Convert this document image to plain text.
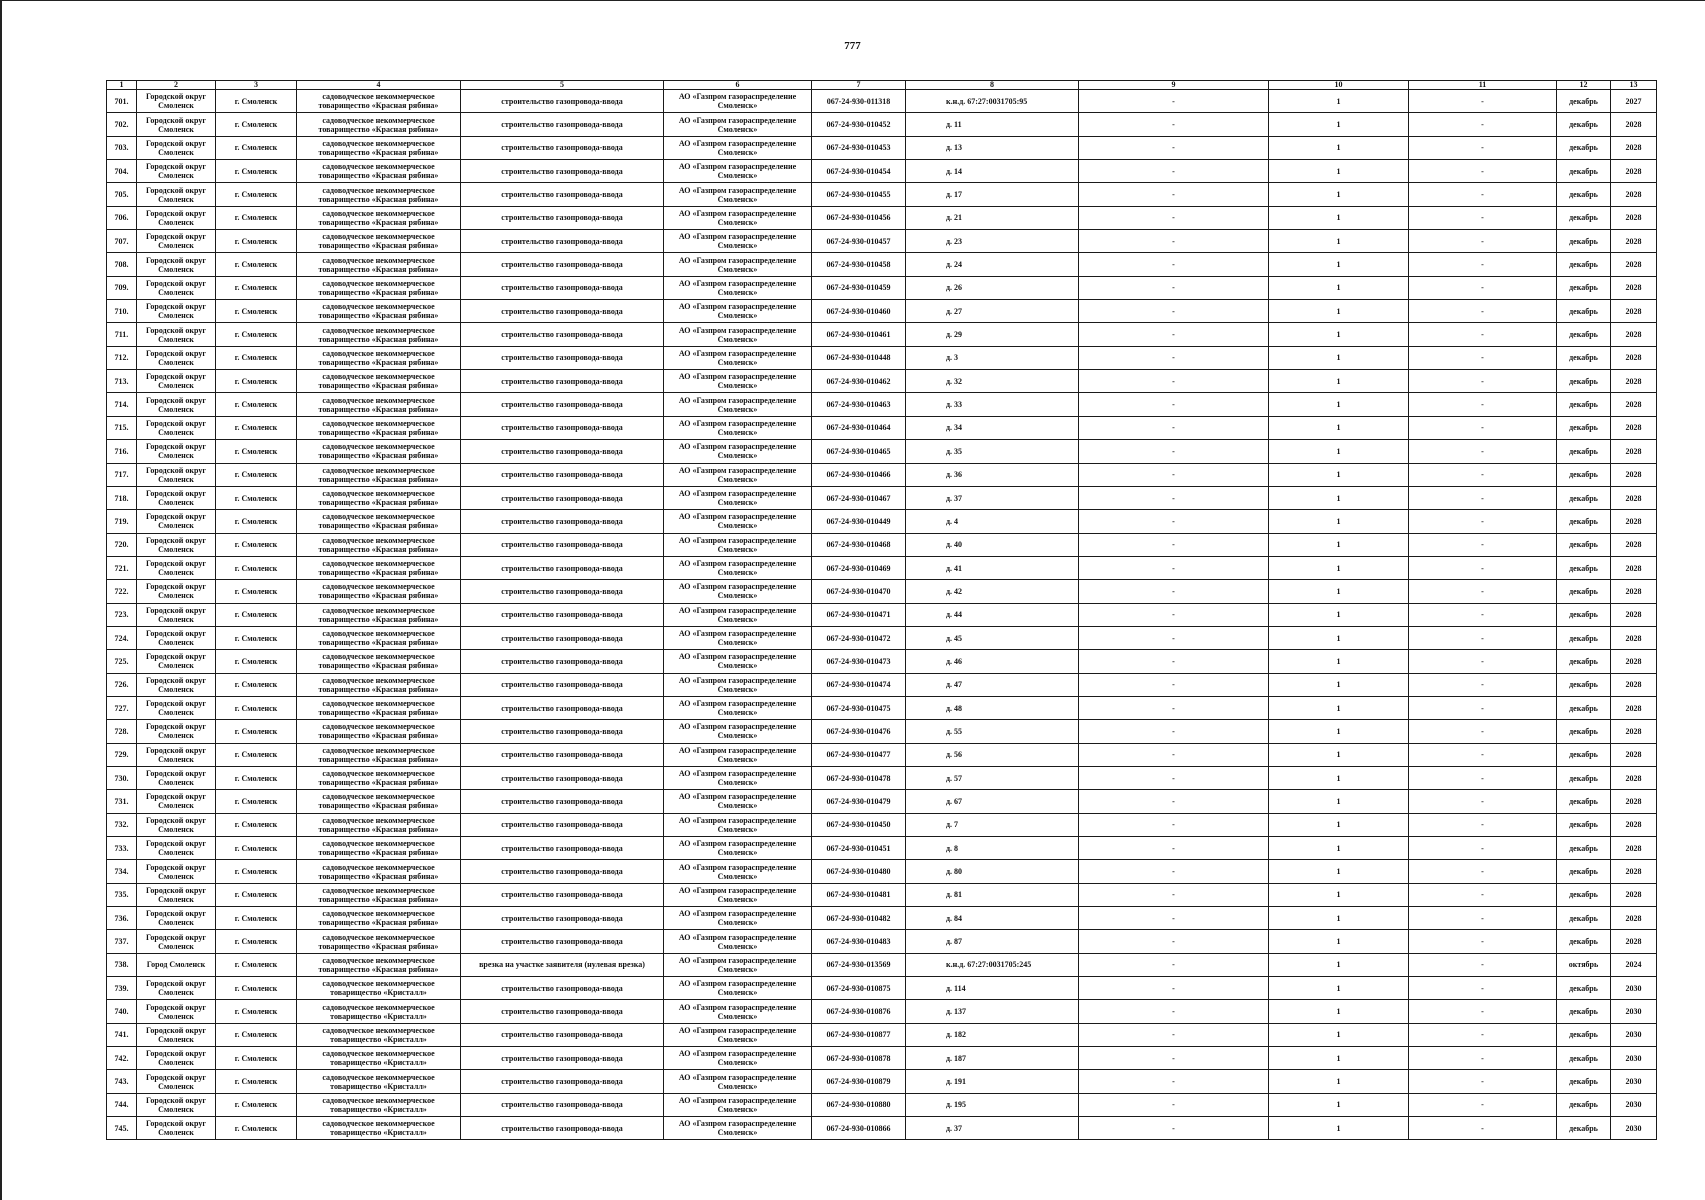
777
1	2	3	4	5	6	7	8	9	10	11	12	13
701.	Городской округ Смоленск	г. Смоленск	садоводческое некоммерческое товарищество «Красная рябина»	строительство газопровода-ввода	АО «Газпром газораспределение Смоленск»	067-24-930-011318	к.н.д. 67:27:0031705:95	-	1	-	декабрь	2027
702.	Городской округ Смоленск	г. Смоленск	садоводческое некоммерческое товарищество «Красная рябина»	строительство газопровода-ввода	АО «Газпром газораспределение Смоленск»	067-24-930-010452	д. 11	-	1	-	декабрь	2028
703.	Городской округ Смоленск	г. Смоленск	садоводческое некоммерческое товарищество «Красная рябина»	строительство газопровода-ввода	АО «Газпром газораспределение Смоленск»	067-24-930-010453	д. 13	-	1	-	декабрь	2028
704.	Городской округ Смоленск	г. Смоленск	садоводческое некоммерческое товарищество «Красная рябина»	строительство газопровода-ввода	АО «Газпром газораспределение Смоленск»	067-24-930-010454	д. 14	-	1	-	декабрь	2028
705.	Городской округ Смоленск	г. Смоленск	садоводческое некоммерческое товарищество «Красная рябина»	строительство газопровода-ввода	АО «Газпром газораспределение Смоленск»	067-24-930-010455	д. 17	-	1	-	декабрь	2028
706.	Городской округ Смоленск	г. Смоленск	садоводческое некоммерческое товарищество «Красная рябина»	строительство газопровода-ввода	АО «Газпром газораспределение Смоленск»	067-24-930-010456	д. 21	-	1	-	декабрь	2028
707.	Городской округ Смоленск	г. Смоленск	садоводческое некоммерческое товарищество «Красная рябина»	строительство газопровода-ввода	АО «Газпром газораспределение Смоленск»	067-24-930-010457	д. 23	-	1	-	декабрь	2028
708.	Городской округ Смоленск	г. Смоленск	садоводческое некоммерческое товарищество «Красная рябина»	строительство газопровода-ввода	АО «Газпром газораспределение Смоленск»	067-24-930-010458	д. 24	-	1	-	декабрь	2028
709.	Городской округ Смоленск	г. Смоленск	садоводческое некоммерческое товарищество «Красная рябина»	строительство газопровода-ввода	АО «Газпром газораспределение Смоленск»	067-24-930-010459	д. 26	-	1	-	декабрь	2028
710.	Городской округ Смоленск	г. Смоленск	садоводческое некоммерческое товарищество «Красная рябина»	строительство газопровода-ввода	АО «Газпром газораспределение Смоленск»	067-24-930-010460	д. 27	-	1	-	декабрь	2028
711.	Городской округ Смоленск	г. Смоленск	садоводческое некоммерческое товарищество «Красная рябина»	строительство газопровода-ввода	АО «Газпром газораспределение Смоленск»	067-24-930-010461	д. 29	-	1	-	декабрь	2028
712.	Городской округ Смоленск	г. Смоленск	садоводческое некоммерческое товарищество «Красная рябина»	строительство газопровода-ввода	АО «Газпром газораспределение Смоленск»	067-24-930-010448	д. 3	-	1	-	декабрь	2028
713.	Городской округ Смоленск	г. Смоленск	садоводческое некоммерческое товарищество «Красная рябина»	строительство газопровода-ввода	АО «Газпром газораспределение Смоленск»	067-24-930-010462	д. 32	-	1	-	декабрь	2028
714.	Городской округ Смоленск	г. Смоленск	садоводческое некоммерческое товарищество «Красная рябина»	строительство газопровода-ввода	АО «Газпром газораспределение Смоленск»	067-24-930-010463	д. 33	-	1	-	декабрь	2028
715.	Городской округ Смоленск	г. Смоленск	садоводческое некоммерческое товарищество «Красная рябина»	строительство газопровода-ввода	АО «Газпром газораспределение Смоленск»	067-24-930-010464	д. 34	-	1	-	декабрь	2028
716.	Городской округ Смоленск	г. Смоленск	садоводческое некоммерческое товарищество «Красная рябина»	строительство газопровода-ввода	АО «Газпром газораспределение Смоленск»	067-24-930-010465	д. 35	-	1	-	декабрь	2028
717.	Городской округ Смоленск	г. Смоленск	садоводческое некоммерческое товарищество «Красная рябина»	строительство газопровода-ввода	АО «Газпром газораспределение Смоленск»	067-24-930-010466	д. 36	-	1	-	декабрь	2028
718.	Городской округ Смоленск	г. Смоленск	садоводческое некоммерческое товарищество «Красная рябина»	строительство газопровода-ввода	АО «Газпром газораспределение Смоленск»	067-24-930-010467	д. 37	-	1	-	декабрь	2028
719.	Городской округ Смоленск	г. Смоленск	садоводческое некоммерческое товарищество «Красная рябина»	строительство газопровода-ввода	АО «Газпром газораспределение Смоленск»	067-24-930-010449	д. 4	-	1	-	декабрь	2028
720.	Городской округ Смоленск	г. Смоленск	садоводческое некоммерческое товарищество «Красная рябина»	строительство газопровода-ввода	АО «Газпром газораспределение Смоленск»	067-24-930-010468	д. 40	-	1	-	декабрь	2028
721.	Городской округ Смоленск	г. Смоленск	садоводческое некоммерческое товарищество «Красная рябина»	строительство газопровода-ввода	АО «Газпром газораспределение Смоленск»	067-24-930-010469	д. 41	-	1	-	декабрь	2028
722.	Городской округ Смоленск	г. Смоленск	садоводческое некоммерческое товарищество «Красная рябина»	строительство газопровода-ввода	АО «Газпром газораспределение Смоленск»	067-24-930-010470	д. 42	-	1	-	декабрь	2028
723.	Городской округ Смоленск	г. Смоленск	садоводческое некоммерческое товарищество «Красная рябина»	строительство газопровода-ввода	АО «Газпром газораспределение Смоленск»	067-24-930-010471	д. 44	-	1	-	декабрь	2028
724.	Городской округ Смоленск	г. Смоленск	садоводческое некоммерческое товарищество «Красная рябина»	строительство газопровода-ввода	АО «Газпром газораспределение Смоленск»	067-24-930-010472	д. 45	-	1	-	декабрь	2028
725.	Городской округ Смоленск	г. Смоленск	садоводческое некоммерческое товарищество «Красная рябина»	строительство газопровода-ввода	АО «Газпром газораспределение Смоленск»	067-24-930-010473	д. 46	-	1	-	декабрь	2028
726.	Городской округ Смоленск	г. Смоленск	садоводческое некоммерческое товарищество «Красная рябина»	строительство газопровода-ввода	АО «Газпром газораспределение Смоленск»	067-24-930-010474	д. 47	-	1	-	декабрь	2028
727.	Городской округ Смоленск	г. Смоленск	садоводческое некоммерческое товарищество «Красная рябина»	строительство газопровода-ввода	АО «Газпром газораспределение Смоленск»	067-24-930-010475	д. 48	-	1	-	декабрь	2028
728.	Городской округ Смоленск	г. Смоленск	садоводческое некоммерческое товарищество «Красная рябина»	строительство газопровода-ввода	АО «Газпром газораспределение Смоленск»	067-24-930-010476	д. 55	-	1	-	декабрь	2028
729.	Городской округ Смоленск	г. Смоленск	садоводческое некоммерческое товарищество «Красная рябина»	строительство газопровода-ввода	АО «Газпром газораспределение Смоленск»	067-24-930-010477	д. 56	-	1	-	декабрь	2028
730.	Городской округ Смоленск	г. Смоленск	садоводческое некоммерческое товарищество «Красная рябина»	строительство газопровода-ввода	АО «Газпром газораспределение Смоленск»	067-24-930-010478	д. 57	-	1	-	декабрь	2028
731.	Городской округ Смоленск	г. Смоленск	садоводческое некоммерческое товарищество «Красная рябина»	строительство газопровода-ввода	АО «Газпром газораспределение Смоленск»	067-24-930-010479	д. 67	-	1	-	декабрь	2028
732.	Городской округ Смоленск	г. Смоленск	садоводческое некоммерческое товарищество «Красная рябина»	строительство газопровода-ввода	АО «Газпром газораспределение Смоленск»	067-24-930-010450	д. 7	-	1	-	декабрь	2028
733.	Городской округ Смоленск	г. Смоленск	садоводческое некоммерческое товарищество «Красная рябина»	строительство газопровода-ввода	АО «Газпром газораспределение Смоленск»	067-24-930-010451	д. 8	-	1	-	декабрь	2028
734.	Городской округ Смоленск	г. Смоленск	садоводческое некоммерческое товарищество «Красная рябина»	строительство газопровода-ввода	АО «Газпром газораспределение Смоленск»	067-24-930-010480	д. 80	-	1	-	декабрь	2028
735.	Городской округ Смоленск	г. Смоленск	садоводческое некоммерческое товарищество «Красная рябина»	строительство газопровода-ввода	АО «Газпром газораспределение Смоленск»	067-24-930-010481	д. 81	-	1	-	декабрь	2028
736.	Городской округ Смоленск	г. Смоленск	садоводческое некоммерческое товарищество «Красная рябина»	строительство газопровода-ввода	АО «Газпром газораспределение Смоленск»	067-24-930-010482	д. 84	-	1	-	декабрь	2028
737.	Городской округ Смоленск	г. Смоленск	садоводческое некоммерческое товарищество «Красная рябина»	строительство газопровода-ввода	АО «Газпром газораспределение Смоленск»	067-24-930-010483	д. 87	-	1	-	декабрь	2028
738.	Город Смоленск	г. Смоленск	садоводческое некоммерческое товарищество «Красная рябина»	врезка на участке заявителя (нулевая врезка)	АО «Газпром газораспределение Смоленск»	067-24-930-013569	к.н.д. 67:27:0031705:245	-	1	-	октябрь	2024
739.	Городской округ Смоленск	г. Смоленск	садоводческое некоммерческое товарищество «Кристалл»	строительство газопровода-ввода	АО «Газпром газораспределение Смоленск»	067-24-930-010875	д. 114	-	1	-	декабрь	2030
740.	Городской округ Смоленск	г. Смоленск	садоводческое некоммерческое товарищество «Кристалл»	строительство газопровода-ввода	АО «Газпром газораспределение Смоленск»	067-24-930-010876	д. 137	-	1	-	декабрь	2030
741.	Городской округ Смоленск	г. Смоленск	садоводческое некоммерческое товарищество «Кристалл»	строительство газопровода-ввода	АО «Газпром газораспределение Смоленск»	067-24-930-010877	д. 182	-	1	-	декабрь	2030
742.	Городской округ Смоленск	г. Смоленск	садоводческое некоммерческое товарищество «Кристалл»	строительство газопровода-ввода	АО «Газпром газораспределение Смоленск»	067-24-930-010878	д. 187	-	1	-	декабрь	2030
743.	Городской округ Смоленск	г. Смоленск	садоводческое некоммерческое товарищество «Кристалл»	строительство газопровода-ввода	АО «Газпром газораспределение Смоленск»	067-24-930-010879	д. 191	-	1	-	декабрь	2030
744.	Городской округ Смоленск	г. Смоленск	садоводческое некоммерческое товарищество «Кристалл»	строительство газопровода-ввода	АО «Газпром газораспределение Смоленск»	067-24-930-010880	д. 195	-	1	-	декабрь	2030
745.	Городской округ Смоленск	г. Смоленск	садоводческое некоммерческое товарищество «Кристалл»	строительство газопровода-ввода	АО «Газпром газораспределение Смоленск»	067-24-930-010866	д. 37	-	1	-	декабрь	2030
